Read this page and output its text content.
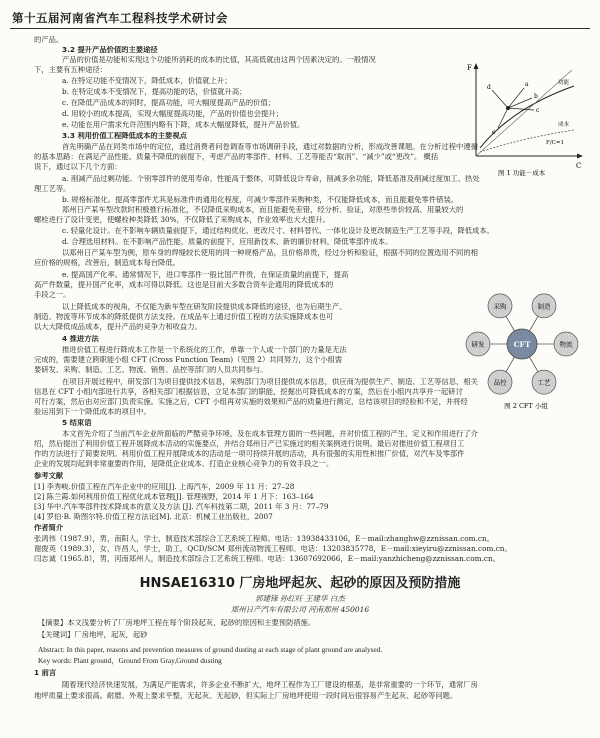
第十五届河南省汽车工程科技学术研讨会
的产品。
3.2 提升产品价值的主要途径
产品的价值是功能和实现这个功能所消耗的成本的比值，其高低就由这两个因素决定的。一般情况
下，主要有五种途径：
a. 在特定功能不变情况下，降低成本，价值就上升；
b. 在特定成本不变情况下，提高功能的话，价值就升高；
c. 在降低产品成本的同时，提高功能，可大幅度提高产品的价值；
d. 用较小的成本提高，实现大幅度提高功能，产品的价值也会提升；
e. 功能在用户需求允许范围内略有下降，成本大幅度降低，提升产品价值。
3.3 利用价值工程降低成本的主要视点
F
C
a
b
c
d
e
功能
成本
F/C=1
图 1 功能－成本
首先明确产品在同类市场中的定位，通过消费者问卷调查等市场调研手段，通过对数据的分析，形成改善课题。在分析过程中遵循
的基本思路：在满足产品性能、质量不降低的前提下，考虑产品的零部件、材料、工艺等能否“取消”、“减少”或“更改”。 概括
说下，通过以下几个方面：
a. 削减产品过剩功能。个别零部件的使用寿命、性能高于整体，可降低设计寿命，削减多余功能，降低基准及削减过度加工、热处
理工艺等。
b. 规格标准化。提高零部件尤其是标准件的通用化程度，可减少零部件采购种类，不仅能降低成本，而且能避免零件错装。
郑州日产某车型改款时积极推行标准化，不仅降低采购成本，而且能避免差错，经分析、验证，对原些单价较高、用量较大的
螺栓进行了设计变更，使螺栓种类降低 30%，不仅降低了采购成本，作业效率也大大提升。
c. 轻量化设计。在不影响车辆质量前提下，通过结构优化、更改尺寸、材料替代、一体化设计及更改制造生产工艺等手段，降低成本。
d. 合理选用材料。在不影响产品性能、质量的前提下，应用新技术、新的廉价材料，降低零部件成本。
以郑州日产某车型为例，原车身的焊缝较长使用的同一种规格产品，且价格昂贵，经过分析和验证，根据不同的位置选用不同的相
应价格的规格，改善后，制造成本每台降低。
e. 提高国产化率。通常情况下，进口零部件一般比国产件贵，在保证质量的前提下，提高
高产件数量，提升国产化率，成本可得以降低。这也是目前大多数合资车企通用的降低成本的
手段之一。
以上降低成本的视角，不仅能为新车型在研发阶段提供成本降低的途径，也为后期生产、
制造、物流等环节成本的降低提供方法支持。在成品车上通过价值工程的方法实施降成本也可
以大大降低成品成本，提升产品的竞争力和收益力。
4 推进方法
推进价值工程进行降成本工作是一个系统化的工作，单靠一个人或一个部门的力量是无法
完成的，需要建立跨职能小组 CFT (Cross Function Team)（见图 2）共同努力，这个小组需
要研发、采购、制造、工艺、物流、销售、品控等部门的人员共同参与。
CFT
采购	制造
物流
工艺
品控
研发
图 2 CFT 小组
在项目开展过程中，研发部门为项目提供技术信息，采购部门为项目提供成本信息，供应商为提供生产、制造、工艺等信息，相关
信息在 CFT 小组内部进行共享，各相关部门根据信息，立足本部门的职能，挖掘出可降低成本的方案，然后在小组内共享并一起研讨
可行方案，然后由对应部门负责实施。实施之后，CFT 小组再对实施的效果和产品的质量进行测定，总结该项目的经验和不足，并将经
验运用到下一个降低成本的项目中。
5 结束语
本文首先介绍了当前汽车企业所面临的严酷竞争环境，及在成本管理方面的一些问题，并对价值工程的产生、定义和作用进行了介
绍，然后提出了利用价值工程开展降成本活动的实施要点，并结合郑州日产已实施过的相关案例进行说明。最后对推进价值工程项目工
作的方法进行了简要说明。利用价值工程开展降成本的活动是一项可持续开展的活动，具有很强的实用性和推广价值，对汽车及零部件
企业的发展均起到非常重要的作用，是降低企业成本、打造企业核心竞争力的有效手段之一。
参考文献
[1] 李秀峻.价值工程在汽车企业中的应用[J]. 上海汽车，2009 年 11 月：27–28
[2] 陈兰霞.如何利用价值工程优化成本管理[J]. 管理视野，2014 年 1 月下：163–164
[3] 华中.汽车零部件技术降成本的意义及方法 [J]. 汽车科技第二期，2011 年 3 月：77–79
[4] 罗伯·B. 斯图尔特.价值工程方法论[M]. 北京：机械工业出版社，2007
作者简介
张鸿伟（1987.9），男，南阳人，学士，制造技术部综合工艺系统工程师。电话：13938433106，E－mail:zhanghw@zznissan.com.cn。
谢俊英（1989.3），女，许昌人，学士，助工，QCD/SCM 郑州流动物流工程师。电话：13203835778，E－mail:xieyiru@zznissan.com.cn。
闫志诚（1965.8），男，河南郑州人，制造技术部综合工艺系统工程师。电话：13607692066，E－mail:yanzhicheng@zznissan.com.cn。
HNSAE16310 厂房地坪起灰、起砂的原因及预防措施
郭建锋 孙红旺 王建华 白杰
郑州日产汽车有限公司 河南郑州 450016
【摘要】本文浅要分析了厂房地坪工程在每个阶段起灰、起砂的原因和主要预防措施。
【关键词】厂房地坪，起灰，起砂
Abstract: In this paper, reasons and prevention measures of ground dusting at each stage of plant ground are analysed.
Key words: Plant ground，Ground From Gray,Ground dusting
1 前言
随着现代经济快速发展，为满足产能需求，许多企业不断扩大，地坪工程作为工厂建设的根基，是非常重要的一个环节，通常厂房
地坪质量上要求很高。耐磨、外观上要求平整，无起灰、无起砂，但实际上厂房地坪使用一段时间后很容易产生起灰、起砂等问题。
